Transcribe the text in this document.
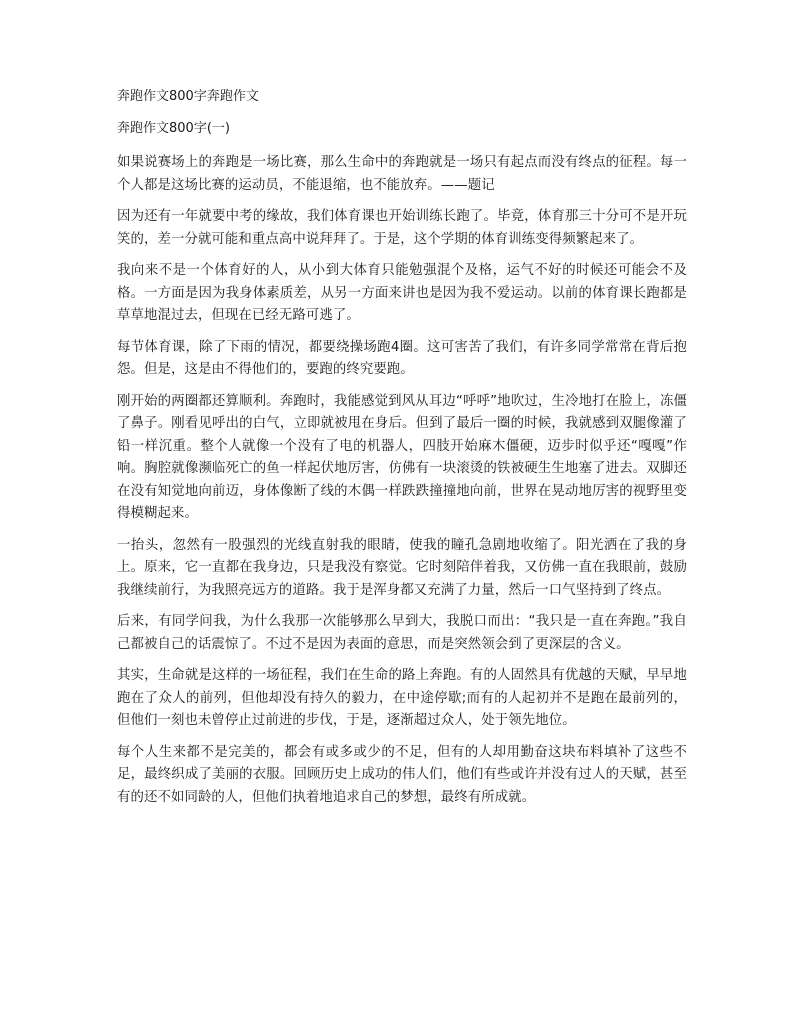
奔跑作文800字奔跑作文
奔跑作文800字(一)

如果说赛场上的奔跑是一场比赛，那么生命中的奔跑就是一场只有起点而没有终点的征程。每一个人都是这场比赛的运动员，不能退缩，也不能放弃。——题记

因为还有一年就要中考的缘故，我们体育课也开始训练长跑了。毕竟，体育那三十分可不是开玩笑的，差一分就可能和重点高中说拜拜了。于是，这个学期的体育训练变得频繁起来了。

我向来不是一个体育好的人，从小到大体育只能勉强混个及格，运气不好的时候还可能会不及格。一方面是因为我身体素质差，从另一方面来讲也是因为我不爱运动。以前的体育课长跑都是草草地混过去，但现在已经无路可逃了。

每节体育课，除了下雨的情况，都要绕操场跑4圈。这可害苦了我们，有许多同学常常在背后抱怨。但是，这是由不得他们的，要跑的终究要跑。

刚开始的两圈都还算顺利。奔跑时，我能感觉到风从耳边“呼呼”地吹过，生冷地打在脸上，冻僵了鼻子。刚看见呼出的白气，立即就被甩在身后。但到了最后一圈的时候，我就感到双腿像灌了铅一样沉重。整个人就像一个没有了电的机器人，四肢开始麻木僵硬，迈步时似乎还“嘎嘎”作响。胸腔就像濒临死亡的鱼一样起伏地厉害，仿佛有一块滚烫的铁被硬生生地塞了进去。双脚还在没有知觉地向前迈，身体像断了线的木偶一样跌跌撞撞地向前，世界在晃动地厉害的视野里变得模糊起来。

一抬头，忽然有一股强烈的光线直射我的眼睛，使我的瞳孔急剧地收缩了。阳光洒在了我的身上。原来，它一直都在我身边，只是我没有察觉。它时刻陪伴着我，又仿佛一直在我眼前，鼓励我继续前行，为我照亮远方的道路。我于是浑身都又充满了力量，然后一口气坚持到了终点。

后来，有同学问我，为什么我那一次能够那么早到大，我脱口而出：“我只是一直在奔跑。”我自己都被自己的话震惊了。不过不是因为表面的意思，而是突然领会到了更深层的含义。

其实，生命就是这样的一场征程，我们在生命的路上奔跑。有的人固然具有优越的天赋，早早地跑在了众人的前列，但他却没有持久的毅力，在中途停歇;而有的人起初并不是跑在最前列的，但他们一刻也未曾停止过前进的步伐，于是，逐渐超过众人，处于领先地位。

每个人生来都不是完美的，都会有或多或少的不足，但有的人却用勤奋这块布料填补了这些不足，最终织成了美丽的衣服。回顾历史上成功的伟人们，他们有些或许并没有过人的天赋，甚至有的还不如同龄的人，但他们执着地追求自己的梦想，最终有所成就。
